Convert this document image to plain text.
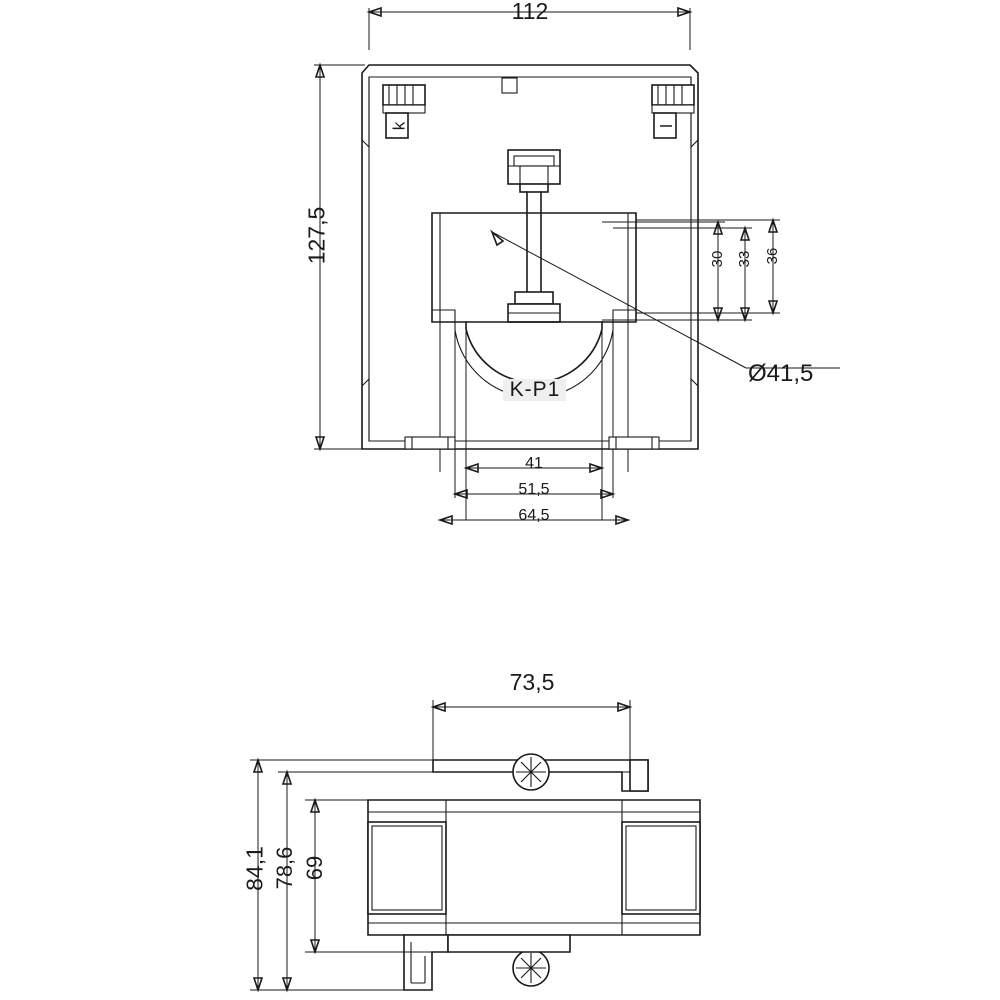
112
127,5	30 33 36
Ø41,5
41
51,5
64,5
k	l
K-P1
73,5
84,1 78,6 69
